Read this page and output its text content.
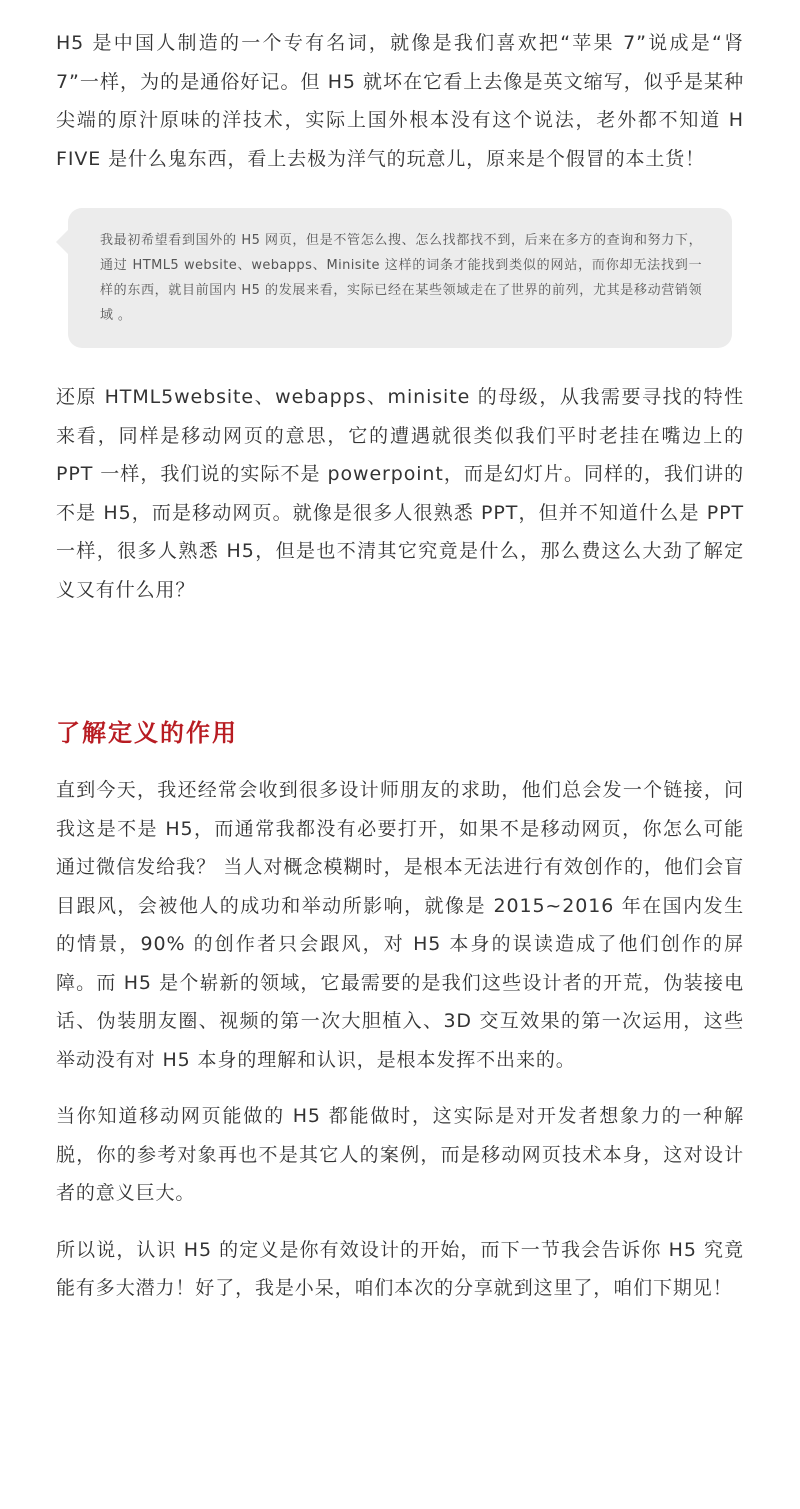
H5 是中国人制造的一个专有名词，就像是我们喜欢把“苹果 7”说成是“肾 7”一样，为的是通俗好记。但 H5 就坏在它看上去像是英文缩写，似乎是某种尖端的原汁原味的洋技术，实际上国外根本没有这个说法，老外都不知道 H FIVE 是什么鬼东西，看上去极为洋气的玩意儿，原来是个假冒的本土货！

我最初希望看到国外的 H5 网页，但是不管怎么搜、怎么找都找不到，后来在多方的查询和努力下，通过 HTML5 website、webapps、Minisite 这样的词条才能找到类似的网站，而你却无法找到一样的东西，就目前国内 H5 的发展来看，实际已经在某些领域走在了世界的前列，尤其是移动营销领域 。

还原 HTML5website、webapps、minisite 的母级，从我需要寻找的特性来看，同样是移动网页的意思，它的遭遇就很类似我们平时老挂在嘴边上的 PPT 一样，我们说的实际不是 powerpoint，而是幻灯片。同样的，我们讲的不是 H5，而是移动网页。就像是很多人很熟悉 PPT，但并不知道什么是 PPT 一样，很多人熟悉 H5，但是也不清其它究竟是什么，那么费这么大劲了解定义又有什么用？

了解定义的作用

直到今天，我还经常会收到很多设计师朋友的求助，他们总会发一个链接，问我这是不是 H5，而通常我都没有必要打开，如果不是移动网页，你怎么可能通过微信发给我？ 当人对概念模糊时，是根本无法进行有效创作的，他们会盲目跟风，会被他人的成功和举动所影响，就像是 2015~2016 年在国内发生的情景，90% 的创作者只会跟风，对 H5 本身的误读造成了他们创作的屏障。而 H5 是个崭新的领域，它最需要的是我们这些设计者的开荒，伪装接电话、伪装朋友圈、视频的第一次大胆植入、3D 交互效果的第一次运用，这些举动没有对 H5 本身的理解和认识，是根本发挥不出来的。

当你知道移动网页能做的 H5 都能做时，这实际是对开发者想象力的一种解脱，你的参考对象再也不是其它人的案例，而是移动网页技术本身，这对设计者的意义巨大。

所以说，认识 H5 的定义是你有效设计的开始，而下一节我会告诉你 H5 究竟能有多大潜力！好了，我是小呆，咱们本次的分享就到这里了，咱们下期见！
